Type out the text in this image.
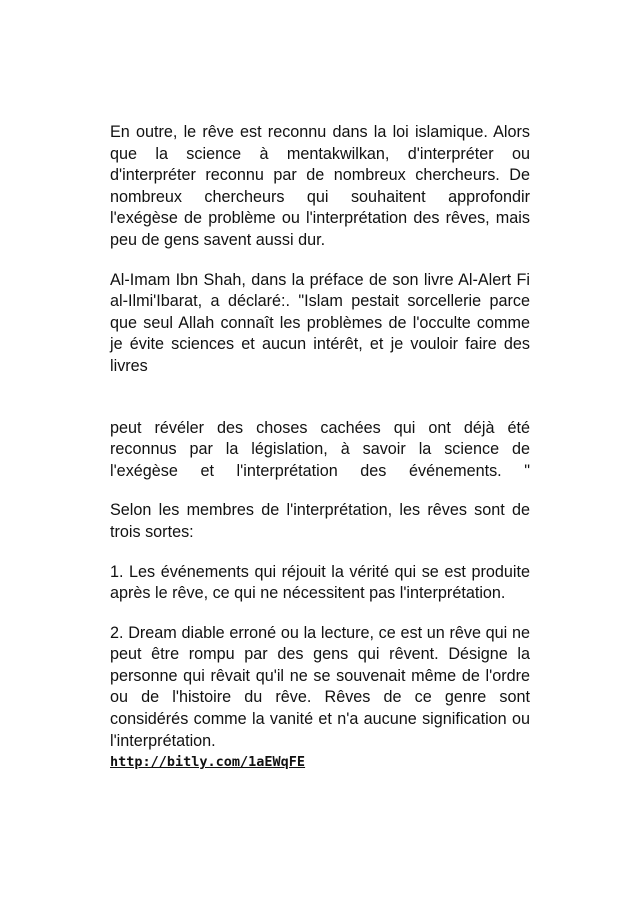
En outre, le rêve est reconnu dans la loi islamique. Alors que la science à mentakwilkan, d'interpréter ou d'interpréter reconnu par de nombreux chercheurs. De nombreux chercheurs qui souhaitent approfondir l'exégèse de problème ou l'interprétation des rêves, mais peu de gens savent aussi dur.

Al-Imam Ibn Shah, dans la préface de son livre Al-Alert Fi al-Ilmi'Ibarat, a déclaré:. "Islam pestait sorcellerie parce que seul Allah connaît les problèmes de l'occulte comme je évite sciences et aucun intérêt, et je vouloir faire des livres

peut révéler des choses cachées qui ont déjà été reconnus par la législation, à savoir la science de l'exégèse et l'interprétation des événements. "

Selon les membres de l'interprétation, les rêves sont de trois sortes:

1. Les événements qui réjouit la vérité qui se est produite après le rêve, ce qui ne nécessitent pas l'interprétation.

2. Dream diable erroné ou la lecture, ce est un rêve qui ne peut être rompu par des gens qui rêvent. Désigne la personne qui rêvait qu'il ne se souvenait même de l'ordre ou de l'histoire du rêve. Rêves de ce genre sont considérés comme la vanité et n'a aucune signification ou l'interprétation.

http://bitly.com/1aEWqFE
